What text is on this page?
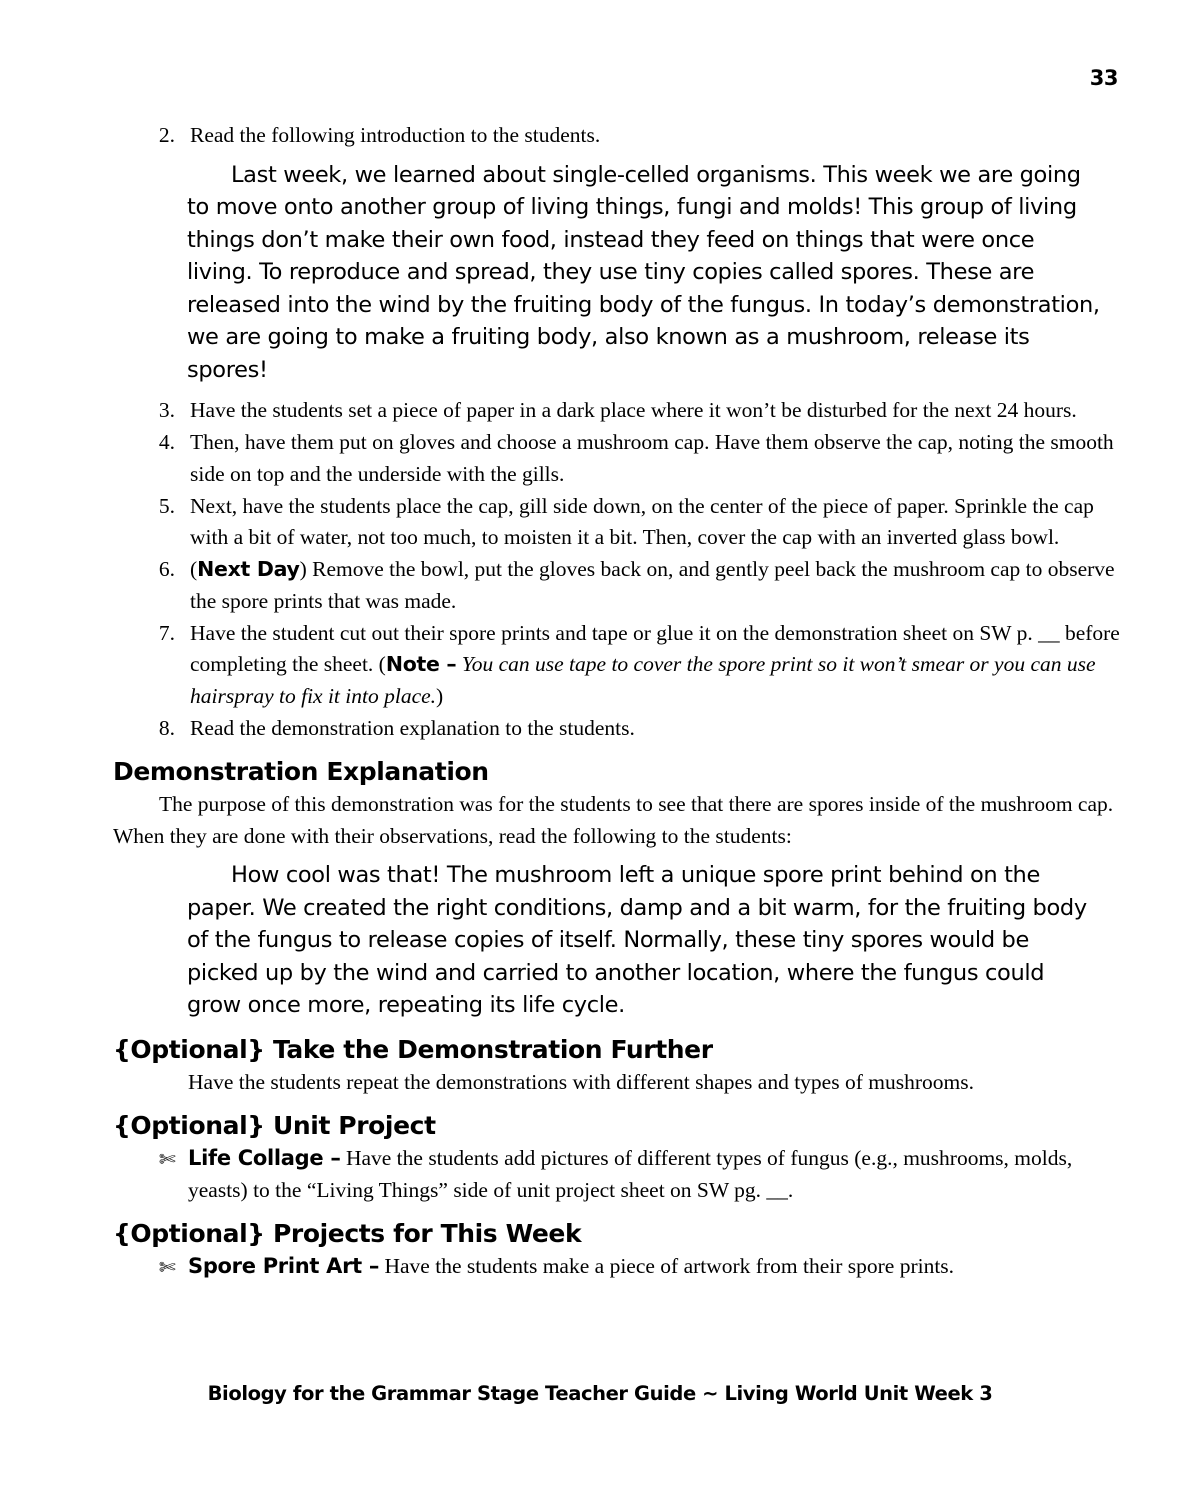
33
2. Read the following introduction to the students.
Last week, we learned about single-celled organisms. This week we are going to move onto another group of living things, fungi and molds! This group of living things don’t make their own food, instead they feed on things that were once living. To reproduce and spread, they use tiny copies called spores. These are released into the wind by the fruiting body of the fungus. In today’s demonstration, we are going to make a fruiting body, also known as a mushroom, release its spores!
3. Have the students set a piece of paper in a dark place where it won’t be disturbed for the next 24 hours.
4. Then, have them put on gloves and choose a mushroom cap. Have them observe the cap, noting the smooth side on top and the underside with the gills.
5. Next, have the students place the cap, gill side down, on the center of the piece of paper. Sprinkle the cap with a bit of water, not too much, to moisten it a bit. Then, cover the cap with an inverted glass bowl.
6. (Next Day) Remove the bowl, put the gloves back on, and gently peel back the mushroom cap to observe the spore prints that was made.
7. Have the student cut out their spore prints and tape or glue it on the demonstration sheet on SW p. __ before completing the sheet. (Note – You can use tape to cover the spore print so it won’t smear or you can use hairspray to fix it into place.)
8. Read the demonstration explanation to the students.
Demonstration Explanation

The purpose of this demonstration was for the students to see that there are spores inside of the mushroom cap. When they are done with their observations, read the following to the students:

How cool was that! The mushroom left a unique spore print behind on the paper. We created the right conditions, damp and a bit warm, for the fruiting body of the fungus to release copies of itself. Normally, these tiny spores would be picked up by the wind and carried to another location, where the fungus could grow once more, repeating its life cycle.
{Optional} Take the Demonstration Further

Have the students repeat the demonstrations with different shapes and types of mushrooms.

{Optional} Unit Project
✄ Life Collage – Have the students add pictures of different types of fungus (e.g., mushrooms, molds, yeasts) to the “Living Things” side of unit project sheet on SW pg. __.
{Optional} Projects for This Week
✄ Spore Print Art – Have the students make a piece of artwork from their spore prints.
Biology for the Grammar Stage Teacher Guide ~ Living World Unit Week 3
